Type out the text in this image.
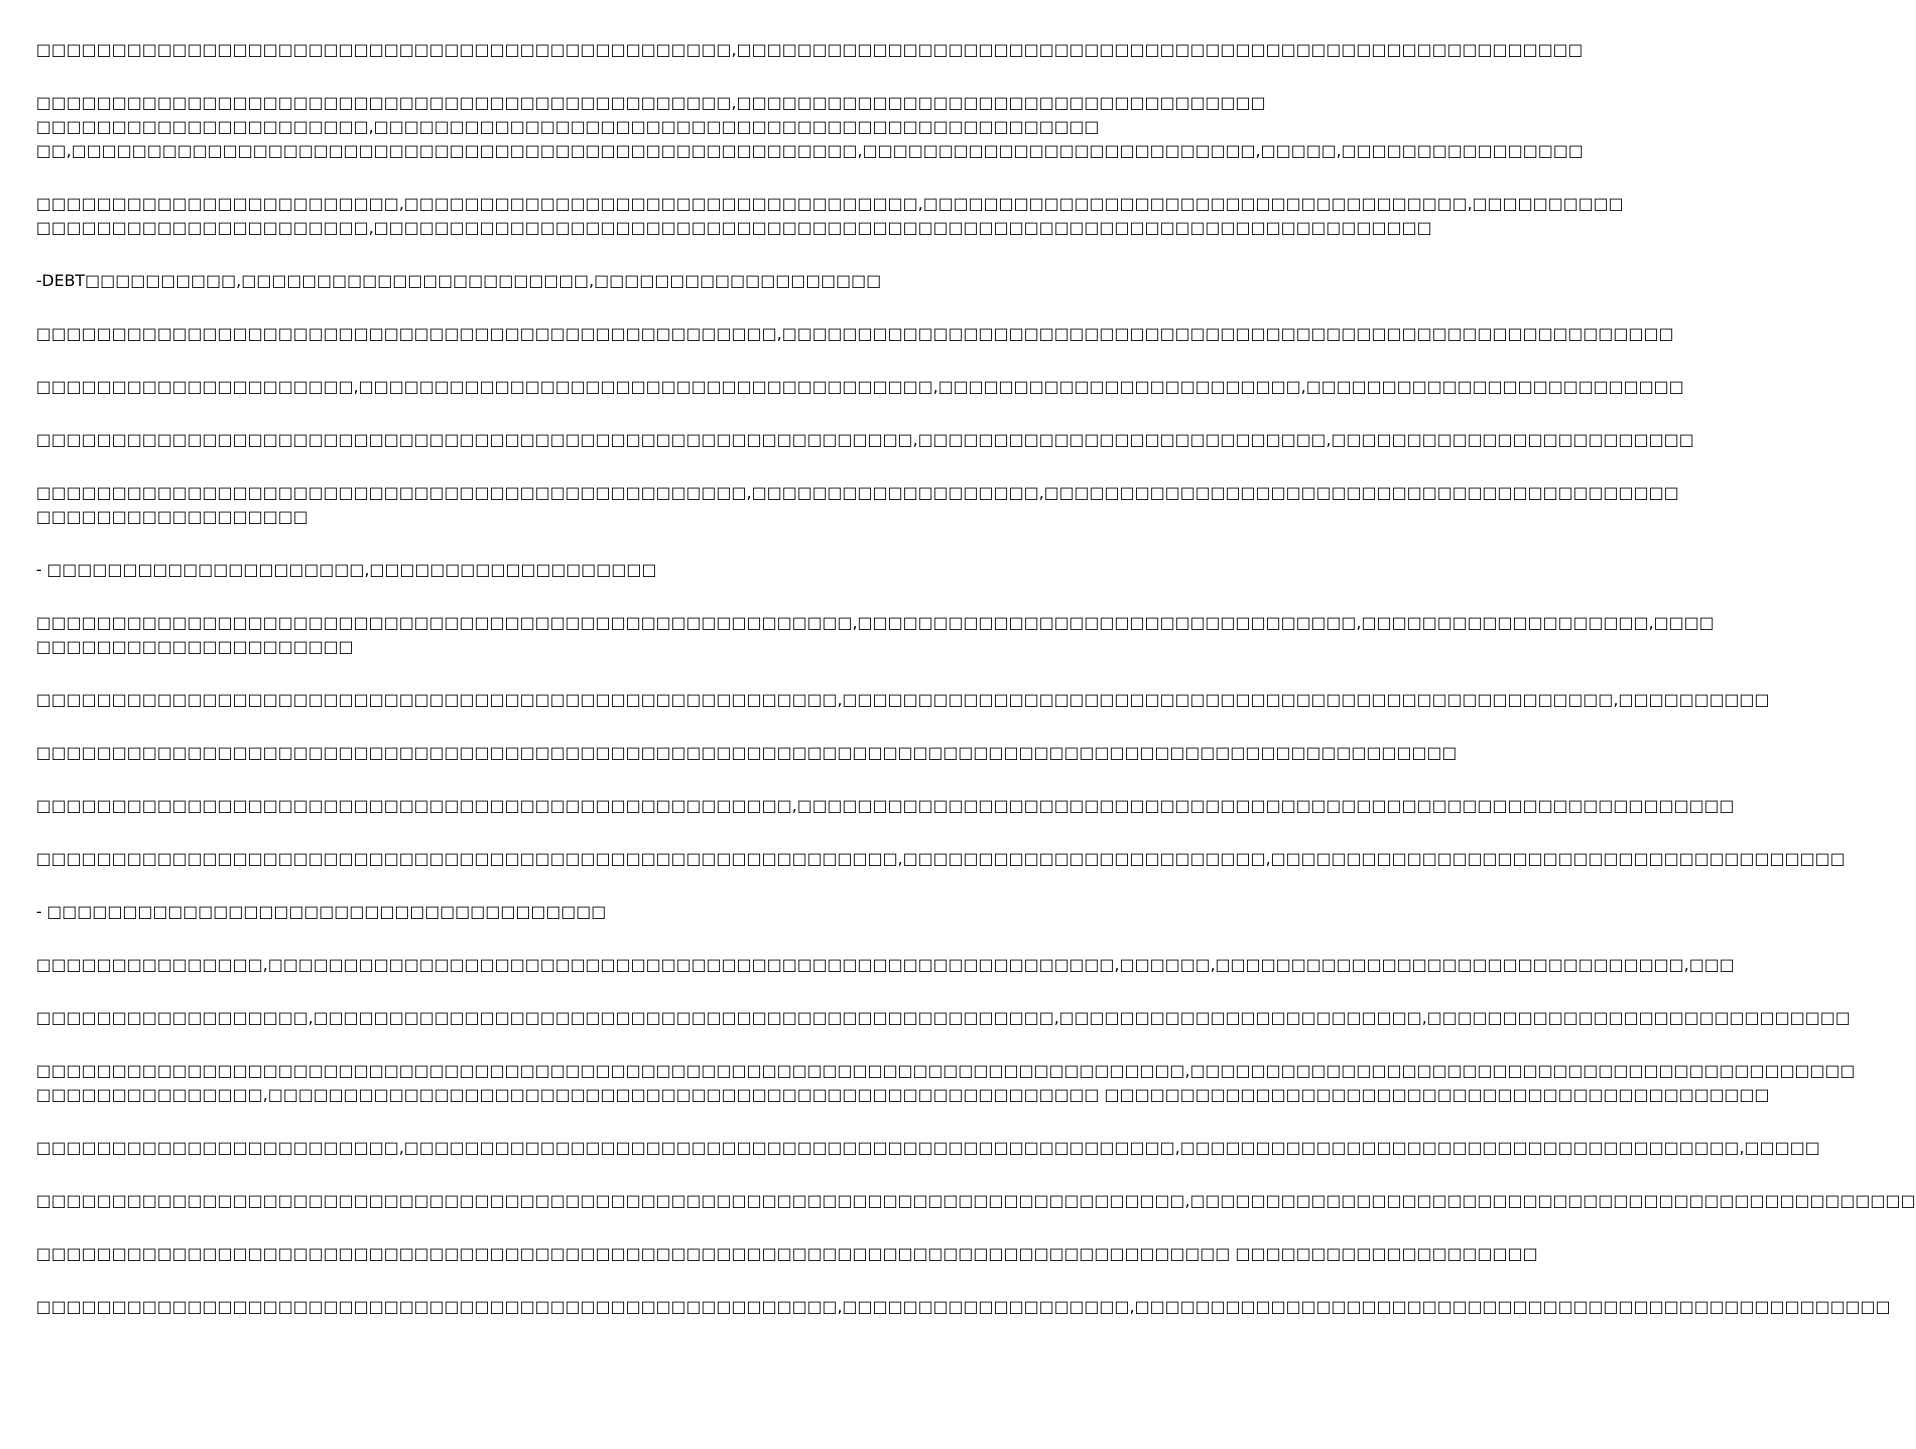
□□□□□□□□□□□□□□□□□□□□□□□□□□□□□□□□□□□□□□□□□□□□□□,□□□□□□□□□□□□□□□□□□□□□□□□□□□□□□□□□□□□□□□□□□□□□□□□□□□□□□□□

□□□□□□□□□□□□□□□□□□□□□□□□□□□□□□□□□□□□□□□□□□□□□□,□□□□□□□□□□□□□□□□□□□□□□□□□□□□□□□□□□□
□□□□□□□□□□□□□□□□□□□□□□,□□□□□□□□□□□□□□□□□□□□□□□□□□□□□□□□□□□□□□□□□□□□□□□□
□□,□□□□□□□□□□□□□□□□□□□□□□□□□□□□□□□□□□□□□□□□□□□□□□□□□□□□,□□□□□□□□□□□□□□□□□□□□□□□□□□,□□□□□,□□□□□□□□□□□□□□□□

□□□□□□□□□□□□□□□□□□□□□□□□,□□□□□□□□□□□□□□□□□□□□□□□□□□□□□□□□□□,□□□□□□□□□□□□□□□□□□□□□□□□□□□□□□□□□□□□,□□□□□□□□□□
□□□□□□□□□□□□□□□□□□□□□□,□□□□□□□□□□□□□□□□□□□□□□□□□□□□□□□□□□□□□□□□□□□□□□□□□□□□□□□□□□□□□□□□□□□□□□

-DEBT□□□□□□□□□□,□□□□□□□□□□□□□□□□□□□□□□□,□□□□□□□□□□□□□□□□□□□

□□□□□□□□□□□□□□□□□□□□□□□□□□□□□□□□□□□□□□□□□□□□□□□□□,□□□□□□□□□□□□□□□□□□□□□□□□□□□□□□□□□□□□□□□□□□□□□□□□□□□□□□□□□□□

□□□□□□□□□□□□□□□□□□□□□,□□□□□□□□□□□□□□□□□□□□□□□□□□□□□□□□□□□□□□,□□□□□□□□□□□□□□□□□□□□□□□□,□□□□□□□□□□□□□□□□□□□□□□□□□

□□□□□□□□□□□□□□□□□□□□□□□□□□□□□□□□□□□□□□□□□□□□□□□□□□□□□□□□□□,□□□□□□□□□□□□□□□□□□□□□□□□□□□,□□□□□□□□□□□□□□□□□□□□□□□□

□□□□□□□□□□□□□□□□□□□□□□□□□□□□□□□□□□□□□□□□□□□□□□□,□□□□□□□□□□□□□□□□□□□,□□□□□□□□□□□□□□□□□□□□□□□□□□□□□□□□□□□□□□□□□□
□□□□□□□□□□□□□□□□□□

- □□□□□□□□□□□□□□□□□□□□□,□□□□□□□□□□□□□□□□□□□

□□□□□□□□□□□□□□□□□□□□□□□□□□□□□□□□□□□□□□□□□□□□□□□□□□□□□□,□□□□□□□□□□□□□□□□□□□□□□□□□□□□□□□□□,□□□□□□□□□□□□□□□□□□□,□□□□
□□□□□□□□□□□□□□□□□□□□□

□□□□□□□□□□□□□□□□□□□□□□□□□□□□□□□□□□□□□□□□□□□□□□□□□□□□□,□□□□□□□□□□□□□□□□□□□□□□□□□□□□□□□□□□□□□□□□□□□□□□□□□□□,□□□□□□□□□□

□□□□□□□□□□□□□□□□□□□□□□□□□□□□□□□□□□□□□□□□□□□□□□□□□□□□□□□□□□□□□□□□□□□□□□□□□□□□□□□□□□□□□□□□□□□□□□

□□□□□□□□□□□□□□□□□□□□□□□□□□□□□□□□□□□□□□□□□□□□□□□□□□,□□□□□□□□□□□□□□□□□□□□□□□□□□□□□□□□□□□□□□□□□□□□□□□□□□□□□□□□□□□□□□

□□□□□□□□□□□□□□□□□□□□□□□□□□□□□□□□□□□□□□□□□□□□□□□□□□□□□□□□□,□□□□□□□□□□□□□□□□□□□□□□□□,□□□□□□□□□□□□□□□□□□□□□□□□□□□□□□□□□□□□□□

- □□□□□□□□□□□□□□□□□□□□□□□□□□□□□□□□□□□□□

□□□□□□□□□□□□□□□,□□□□□□□□□□□□□□□□□□□□□□□□□□□□□□□□□□□□□□□□□□□□□□□□□□□□□□□□,□□□□□□,□□□□□□□□□□□□□□□□□□□□□□□□□□□□□□□,□□□

□□□□□□□□□□□□□□□□□□,□□□□□□□□□□□□□□□□□□□□□□□□□□□□□□□□□□□□□□□□□□□□□□□□□,□□□□□□□□□□□□□□□□□□□□□□□□,□□□□□□□□□□□□□□□□□□□□□□□□□□□□

□□□□□□□□□□□□□□□□□□□□□□□□□□□□□□□□□□□□□□□□□□□□□□□□□□□□□□□□□□□□□□□□□□□□□□□□□□□□,□□□□□□□□□□□□□□□□□□□□□□□□□□□□□□□□□□□□□□□□□□□□
□□□□□□□□□□□□□□□,□□□□□□□□□□□□□□□□□□□□□□□□□□□□□□□□□□□□□□□□□□□□□□□□□□□□□□□ □□□□□□□□□□□□□□□□□□□□□□□□□□□□□□□□□□□□□□□□□□□□

□□□□□□□□□□□□□□□□□□□□□□□□,□□□□□□□□□□□□□□□□□□□□□□□□□□□□□□□□□□□□□□□□□□□□□□□□□□□,□□□□□□□□□□□□□□□□□□□□□□□□□□□□□□□□□□□□□,□□□□□

□□□□□□□□□□□□□□□□□□□□□□□□□□□□□□□□□□□□□□□□□□□□□□□□□□□□□□□□□□□□□□□□□□□□□□□□□□□□,□□□□□□□□□□□□□□□□□□□□□□□□□□□□□□□□□□□□□□□□□□□□□□□□

□□□□□□□□□□□□□□□□□□□□□□□□□□□□□□□□□□□□□□□□□□□□□□□□□□□□□□□□□□□□□□□□□□□□□□□□□□□□□□□ □□□□□□□□□□□□□□□□□□□□

□□□□□□□□□□□□□□□□□□□□□□□□□□□□□□□□□□□□□□□□□□□□□□□□□□□□□,□□□□□□□□□□□□□□□□□□□,□□□□□□□□□□□□□□□□□□□□□□□□□□□□□□□□□□□□□□□□□□□□□□□□□□
